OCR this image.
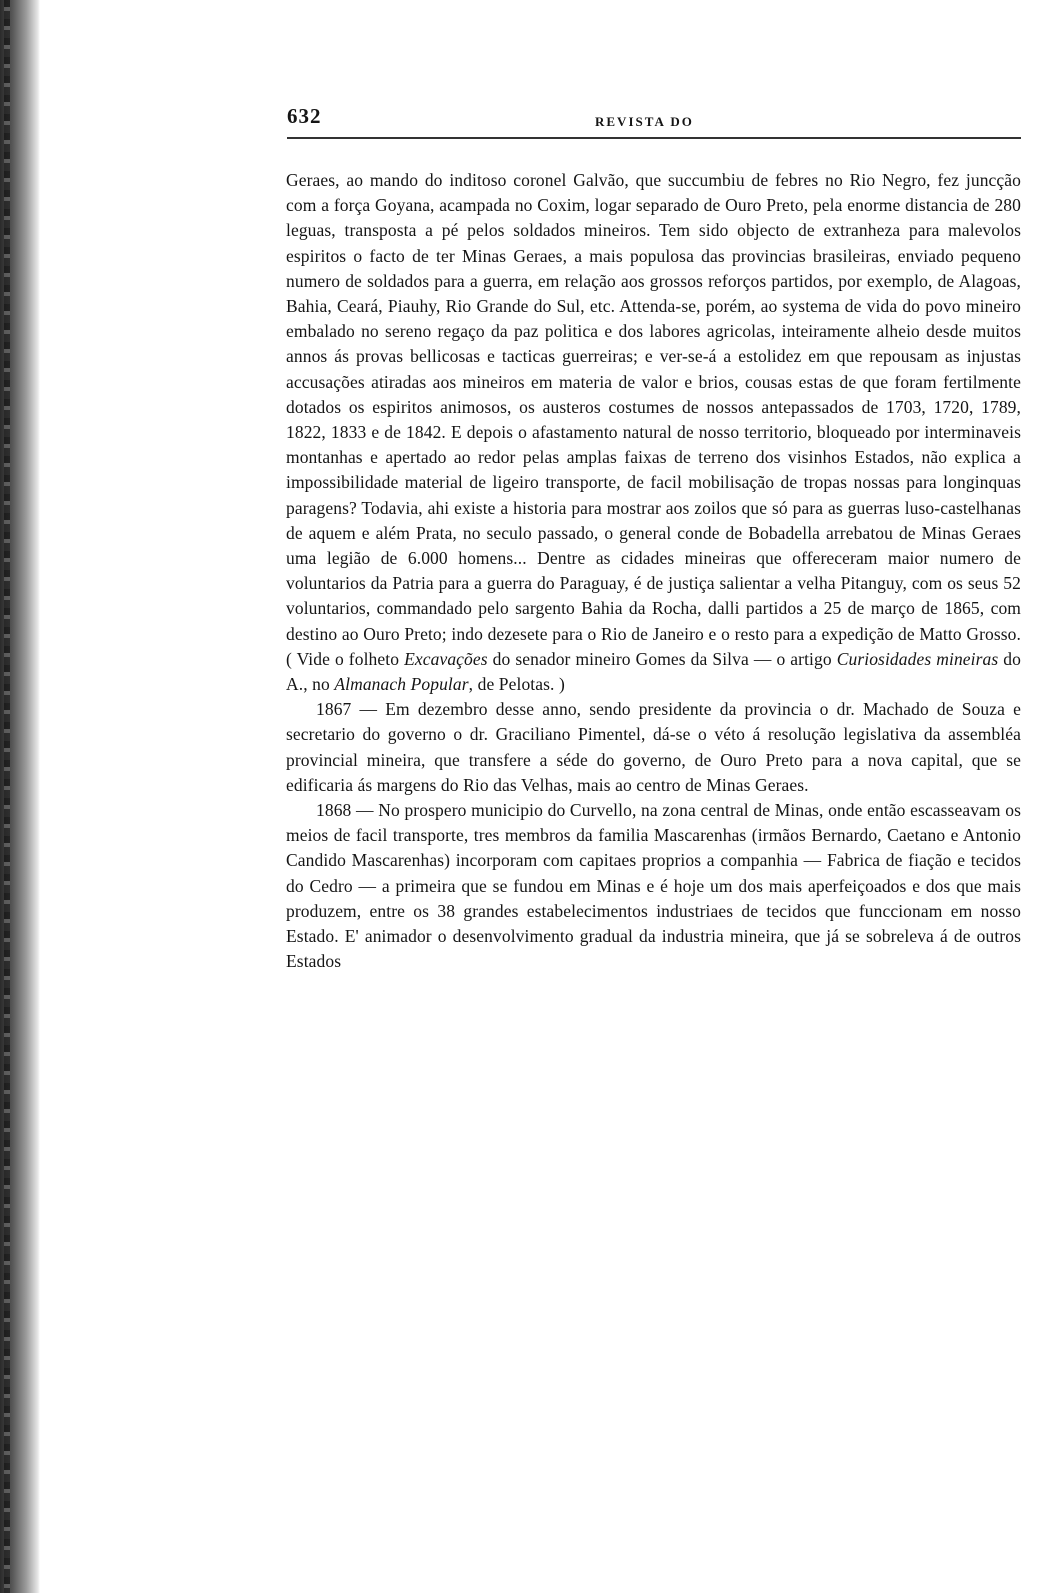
632	REVISTA DO

Geraes, ao mando do inditoso coronel Galvão, que succumbiu de febres no Rio Negro, fez juncção com a força Goyana, acampada no Coxim, logar separado de Ouro Preto, pela enorme distancia de 280 leguas, transposta a pé pelos soldados mineiros. Tem sido objecto de extranheza para malevolos espiritos o facto de ter Minas Geraes, a mais populosa das provincias brasileiras, enviado pequeno numero de soldados para a guerra, em relação aos grossos reforços partidos, por exemplo, de Alagoas, Bahia, Ceará, Piauhy, Rio Grande do Sul, etc. Attenda-se, porém, ao systema de vida do povo mineiro embalado no sereno regaço da paz politica e dos labores agricolas, inteiramente alheio desde muitos annos ás provas bellicosas e tacticas guerreiras; e ver-se-á a estolidez em que repousam as injustas accusações atiradas aos mineiros em materia de valor e brios, cousas estas de que foram fertilmente dotados os espiritos animosos, os austeros costumes de nossos antepassados de 1703, 1720, 1789, 1822, 1833 e de 1842. E depois o afastamento natural de nosso territorio, bloqueado por interminaveis montanhas e apertado ao redor pelas amplas faixas de terreno dos visinhos Estados, não explica a impossibilidade material de ligeiro transporte, de facil mobilisação de tropas nossas para longinquas paragens? Todavia, ahi existe a historia para mostrar aos zoilos que só para as guerras luso-castelhanas de aquem e além Prata, no seculo passado, o general conde de Bobadella arrebatou de Minas Geraes uma legião de 6.000 homens... Dentre as cidades mineiras que offereceram maior numero de voluntarios da Patria para a guerra do Paraguay, é de justiça salientar a velha Pitanguy, com os seus 52 voluntarios, commandado pelo sargento Bahia da Rocha, dalli partidos a 25 de março de 1865, com destino ao Ouro Preto; indo dezesete para o Rio de Janeiro e o resto para a expedição de Matto Grosso. ( Vide o folheto Excavações do senador mineiro Gomes da Silva — o artigo Curiosidades mineiras do A., no Almanach Popular, de Pelotas. )

1867 — Em dezembro desse anno, sendo presidente da provincia o dr. Machado de Souza e secretario do governo o dr. Graciliano Pimentel, dá-se o véto á resolução legislativa da assembléa provincial mineira, que transfere a séde do governo, de Ouro Preto para a nova capital, que se edificaria ás margens do Rio das Velhas, mais ao centro de Minas Geraes.

1868 — No prospero municipio do Curvello, na zona central de Minas, onde então escasseavam os meios de facil transporte, tres membros da familia Mascarenhas (irmãos Bernardo, Caetano e Antonio Candido Mascarenhas) incorporam com capitaes proprios a companhia — Fabrica de fiação e tecidos do Cedro — a primeira que se fundou em Minas e é hoje um dos mais aperfeiçoados e dos que mais produzem, entre os 38 grandes estabelecimentos industriaes de tecidos que funccionam em nosso Estado. E' animador o desenvolvimento gradual da industria mineira, que já se sobreleva á de outros Estados
